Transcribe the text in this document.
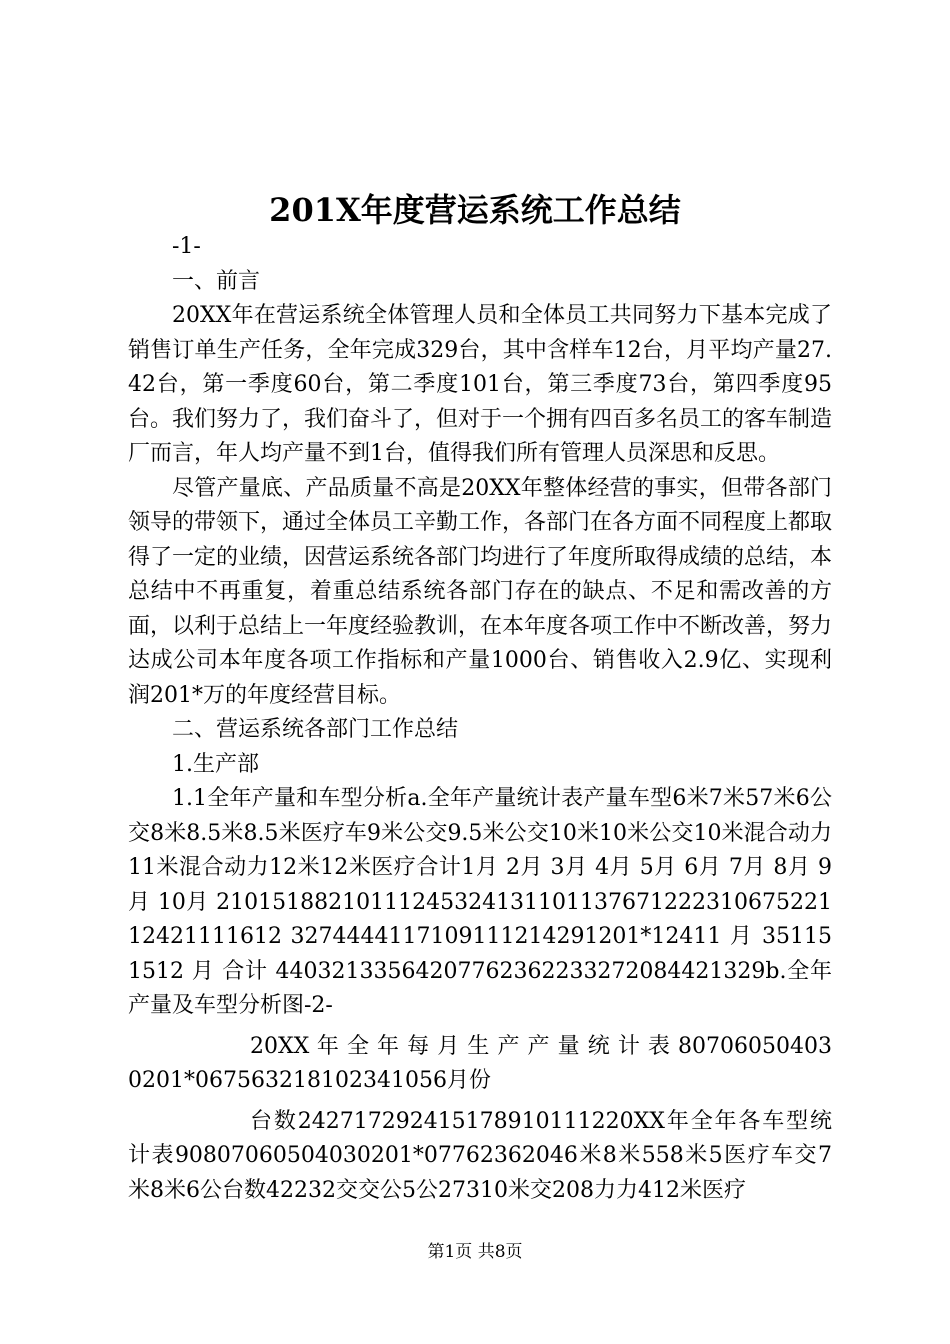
201X年度营运系统工作总结

-1-

一、前言

20XX年在营运系统全体管理人员和全体员工共同努力下基本完成了销售订单生产任务，全年完成329台，其中含样车12台，月平均产量27.42台，第一季度60台，第二季度101台，第三季度73台，第四季度95台。我们努力了，我们奋斗了，但对于一个拥有四百多名员工的客车制造厂而言，年人均产量不到1台，值得我们所有管理人员深思和反思。

尽管产量底、产品质量不高是20XX年整体经营的事实，但带各部门领导的带领下，通过全体员工辛勤工作，各部门在各方面不同程度上都取得了一定的业绩，因营运系统各部门均进行了年度所取得成绩的总结，本总结中不再重复，着重总结系统各部门存在的缺点、不足和需改善的方面，以利于总结上一年度经验教训，在本年度各项工作中不断改善，努力达成公司本年度各项工作指标和产量1000台、销售收入2.9亿、实现利润201*万的年度经营目标。

二、营运系统各部门工作总结

1.生产部

1.1全年产量和车型分析a.全年产量统计表产量车型6米7米57米6公交8米8.5米8.5米医疗车9米公交9.5米公交10米10米公交10米混合动力11米混合动力12米12米医疗合计1月 2月 3月 4月 5月 6月 7月 8月 9月 10月 2101518821011124532413110113767122231067522112421111612 3274444117109111214291201*12411 月 351151512 月 合计 440321335642077623622332720844213​29b.全年产量及车型分析图-2-

20XX 年 全 年 每 月 生 产 产 量 统 计 表 807060504030201*067563218102341056月份

台数242717292415178910111220XX年全年各车型统计表90807060504030201*07762362046米8米558米5医疗车交7米8米6公台数42232交交公5公27310米交208力力412米医疗

第1页 共8页
